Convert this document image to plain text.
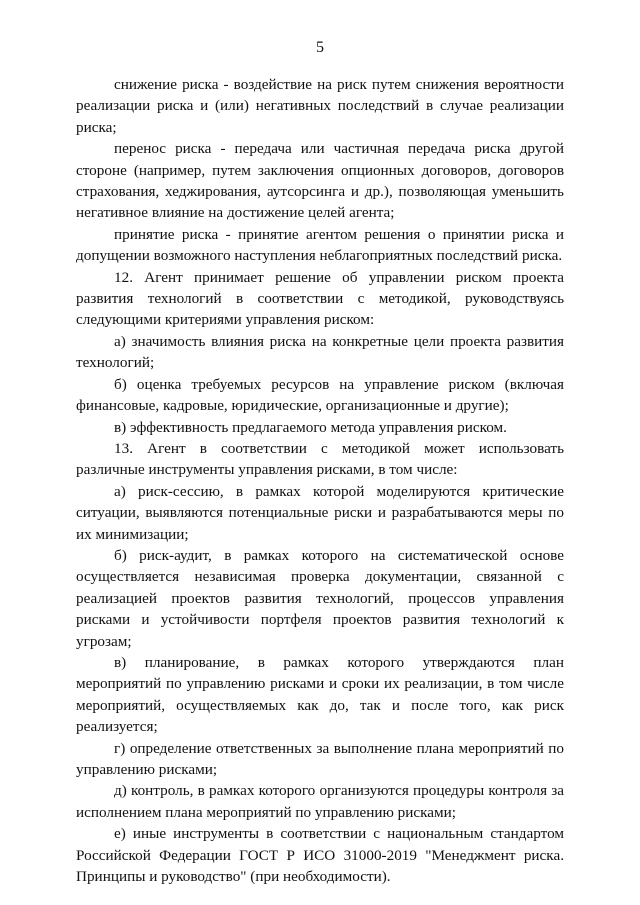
5

снижение риска - воздействие на риск путем снижения вероятности реализации риска и (или) негативных последствий в случае реализации риска;

перенос риска - передача или частичная передача риска другой стороне (например, путем заключения опционных договоров, договоров страхования, хеджирования, аутсорсинга и др.), позволяющая уменьшить негативное влияние на достижение целей агента;

принятие риска - принятие агентом решения о принятии риска и допущении возможного наступления неблагоприятных последствий риска.

12. Агент принимает решение об управлении риском проекта развития технологий в соответствии с методикой, руководствуясь следующими критериями управления риском:

а) значимость влияния риска на конкретные цели проекта развития технологий;

б) оценка требуемых ресурсов на управление риском (включая финансовые, кадровые, юридические, организационные и другие);

в) эффективность предлагаемого метода управления риском.

13. Агент в соответствии с методикой может использовать различные инструменты управления рисками, в том числе:

а) риск-сессию, в рамках которой моделируются критические ситуации, выявляются потенциальные риски и разрабатываются меры по их минимизации;

б) риск-аудит, в рамках которого на систематической основе осуществляется независимая проверка документации, связанной с реализацией проектов развития технологий, процессов управления рисками и устойчивости портфеля проектов развития технологий к угрозам;

в) планирование, в рамках которого утверждаются план мероприятий по управлению рисками и сроки их реализации, в том числе мероприятий, осуществляемых как до, так и после того, как риск реализуется;

г) определение ответственных за выполнение плана мероприятий по управлению рисками;

д) контроль, в рамках которого организуются процедуры контроля за исполнением плана мероприятий по управлению рисками;

е) иные инструменты в соответствии с национальным стандартом Российской Федерации ГОСТ Р ИСО 31000-2019 "Менеджмент риска. Принципы и руководство" (при необходимости).
